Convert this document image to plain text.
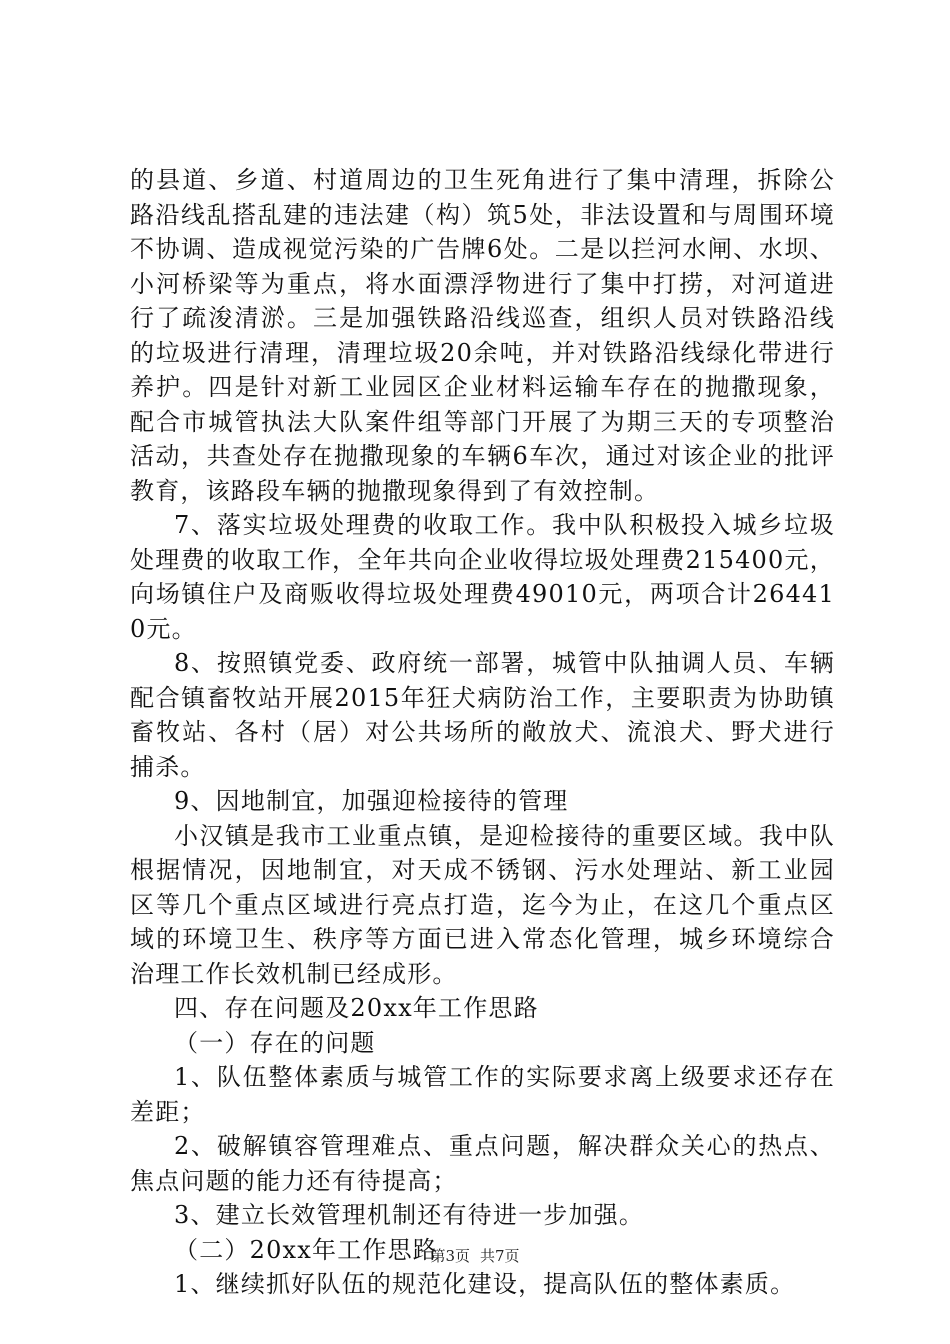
的县道、乡道、村道周边的卫生死角进行了集中清理，拆除公路沿线乱搭乱建的违法建（构）筑5处，非法设置和与周围环境不协调、造成视觉污染的广告牌6处。二是以拦河水闸、水坝、小河桥梁等为重点，将水面漂浮物进行了集中打捞，对河道进行了疏浚清淤。三是加强铁路沿线巡查，组织人员对铁路沿线的垃圾进行清理，清理垃圾20余吨，并对铁路沿线绿化带进行养护。四是针对新工业园区企业材料运输车存在的抛撒现象，配合市城管执法大队案件组等部门开展了为期三天的专项整治活动，共查处存在抛撒现象的车辆6车次，通过对该企业的批评教育，该路段车辆的抛撒现象得到了有效控制。

7、落实垃圾处理费的收取工作。我中队积极投入城乡垃圾处理费的收取工作，全年共向企业收得垃圾处理费215400元，向场镇住户及商贩收得垃圾处理费49010元，两项合计264410元。

8、按照镇党委、政府统一部署，城管中队抽调人员、车辆配合镇畜牧站开展2015年狂犬病防治工作，主要职责为协助镇畜牧站、各村（居）对公共场所的敞放犬、流浪犬、野犬进行捕杀。

9、因地制宜，加强迎检接待的管理

小汉镇是我市工业重点镇，是迎检接待的重要区域。我中队根据情况，因地制宜，对天成不锈钢、污水处理站、新工业园区等几个重点区域进行亮点打造，迄今为止，在这几个重点区域的环境卫生、秩序等方面已进入常态化管理，城乡环境综合治理工作长效机制已经成形。

四、存在问题及20xx年工作思路

（一）存在的问题

1、队伍整体素质与城管工作的实际要求离上级要求还存在差距；

2、破解镇容管理难点、重点问题，解决群众关心的热点、焦点问题的能力还有待提高；

3、建立长效管理机制还有待进一步加强。

（二）20xx年工作思路

1、继续抓好队伍的规范化建设，提高队伍的整体素质。

第3页 共7页
